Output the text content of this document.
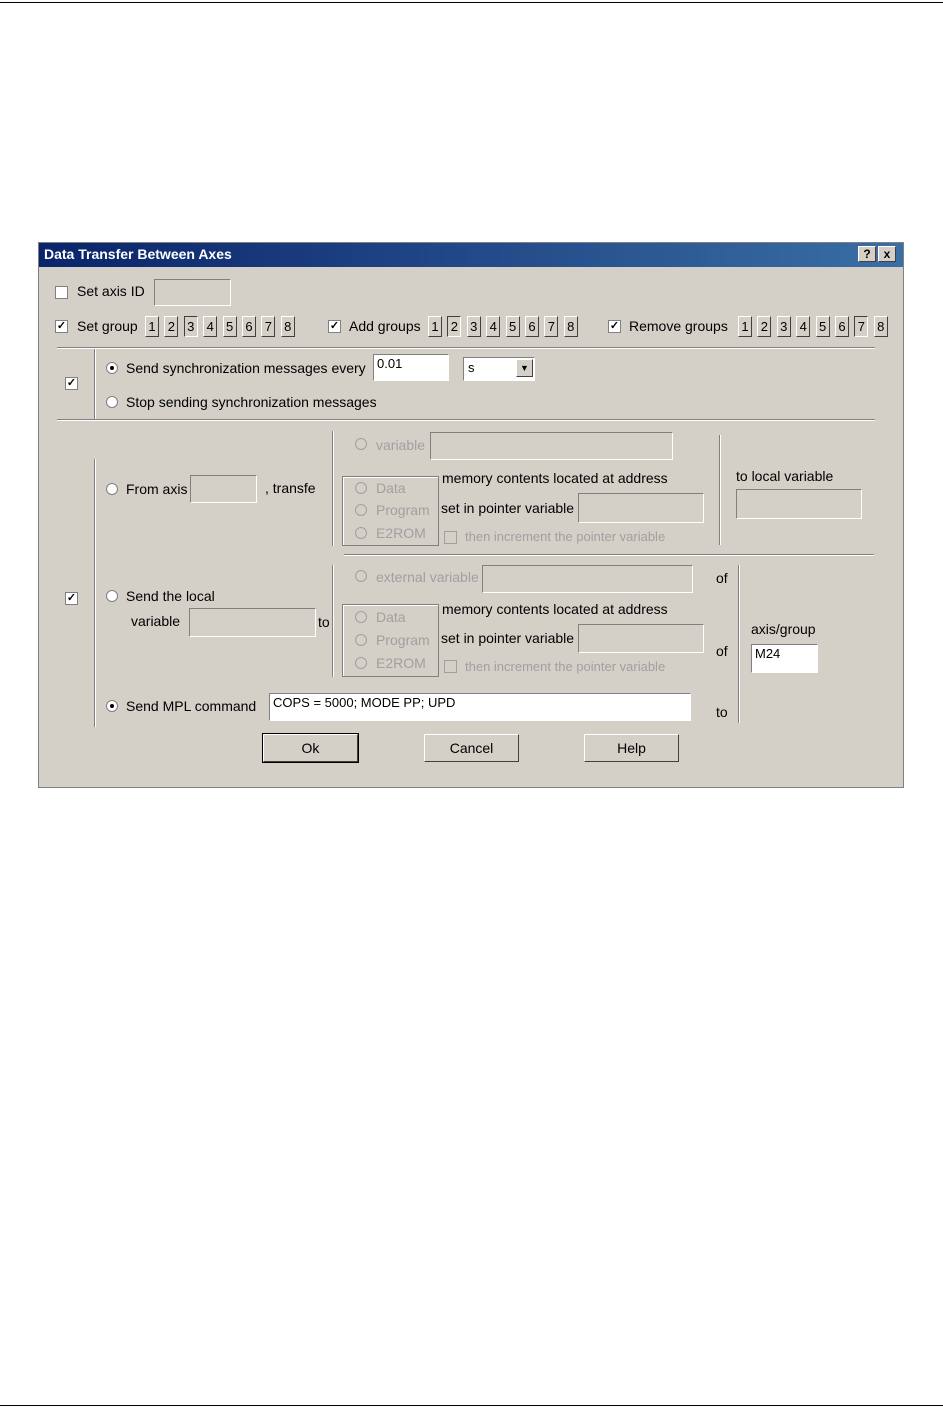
Data Transfer Between Axes	?	x
Set axis ID
✓ Set group	✓ Add groups	✓ Remove groups
✓
Send synchronization messages every 0.01	s	▼
Stop sending synchronization messages
✓
From axis	, transfe
variable
Data
Program
E2ROM
memory contents located at address
set in pointer variable
then increment the pointer variable
to local variable
Send the local
variable	to
external variable	of
Data
Program
E2ROM
memory contents located at address
set in pointer variable
of
then increment the pointer variable
axis/group
M24
Send MPL command	COPS = 5000; MODE PP; UPD
to
Ok	Cancel	Help
1 2 3 4 5 6 7 8	1 2 3 4 5 6 7 8	1 2 3 4 5 6 7 8
